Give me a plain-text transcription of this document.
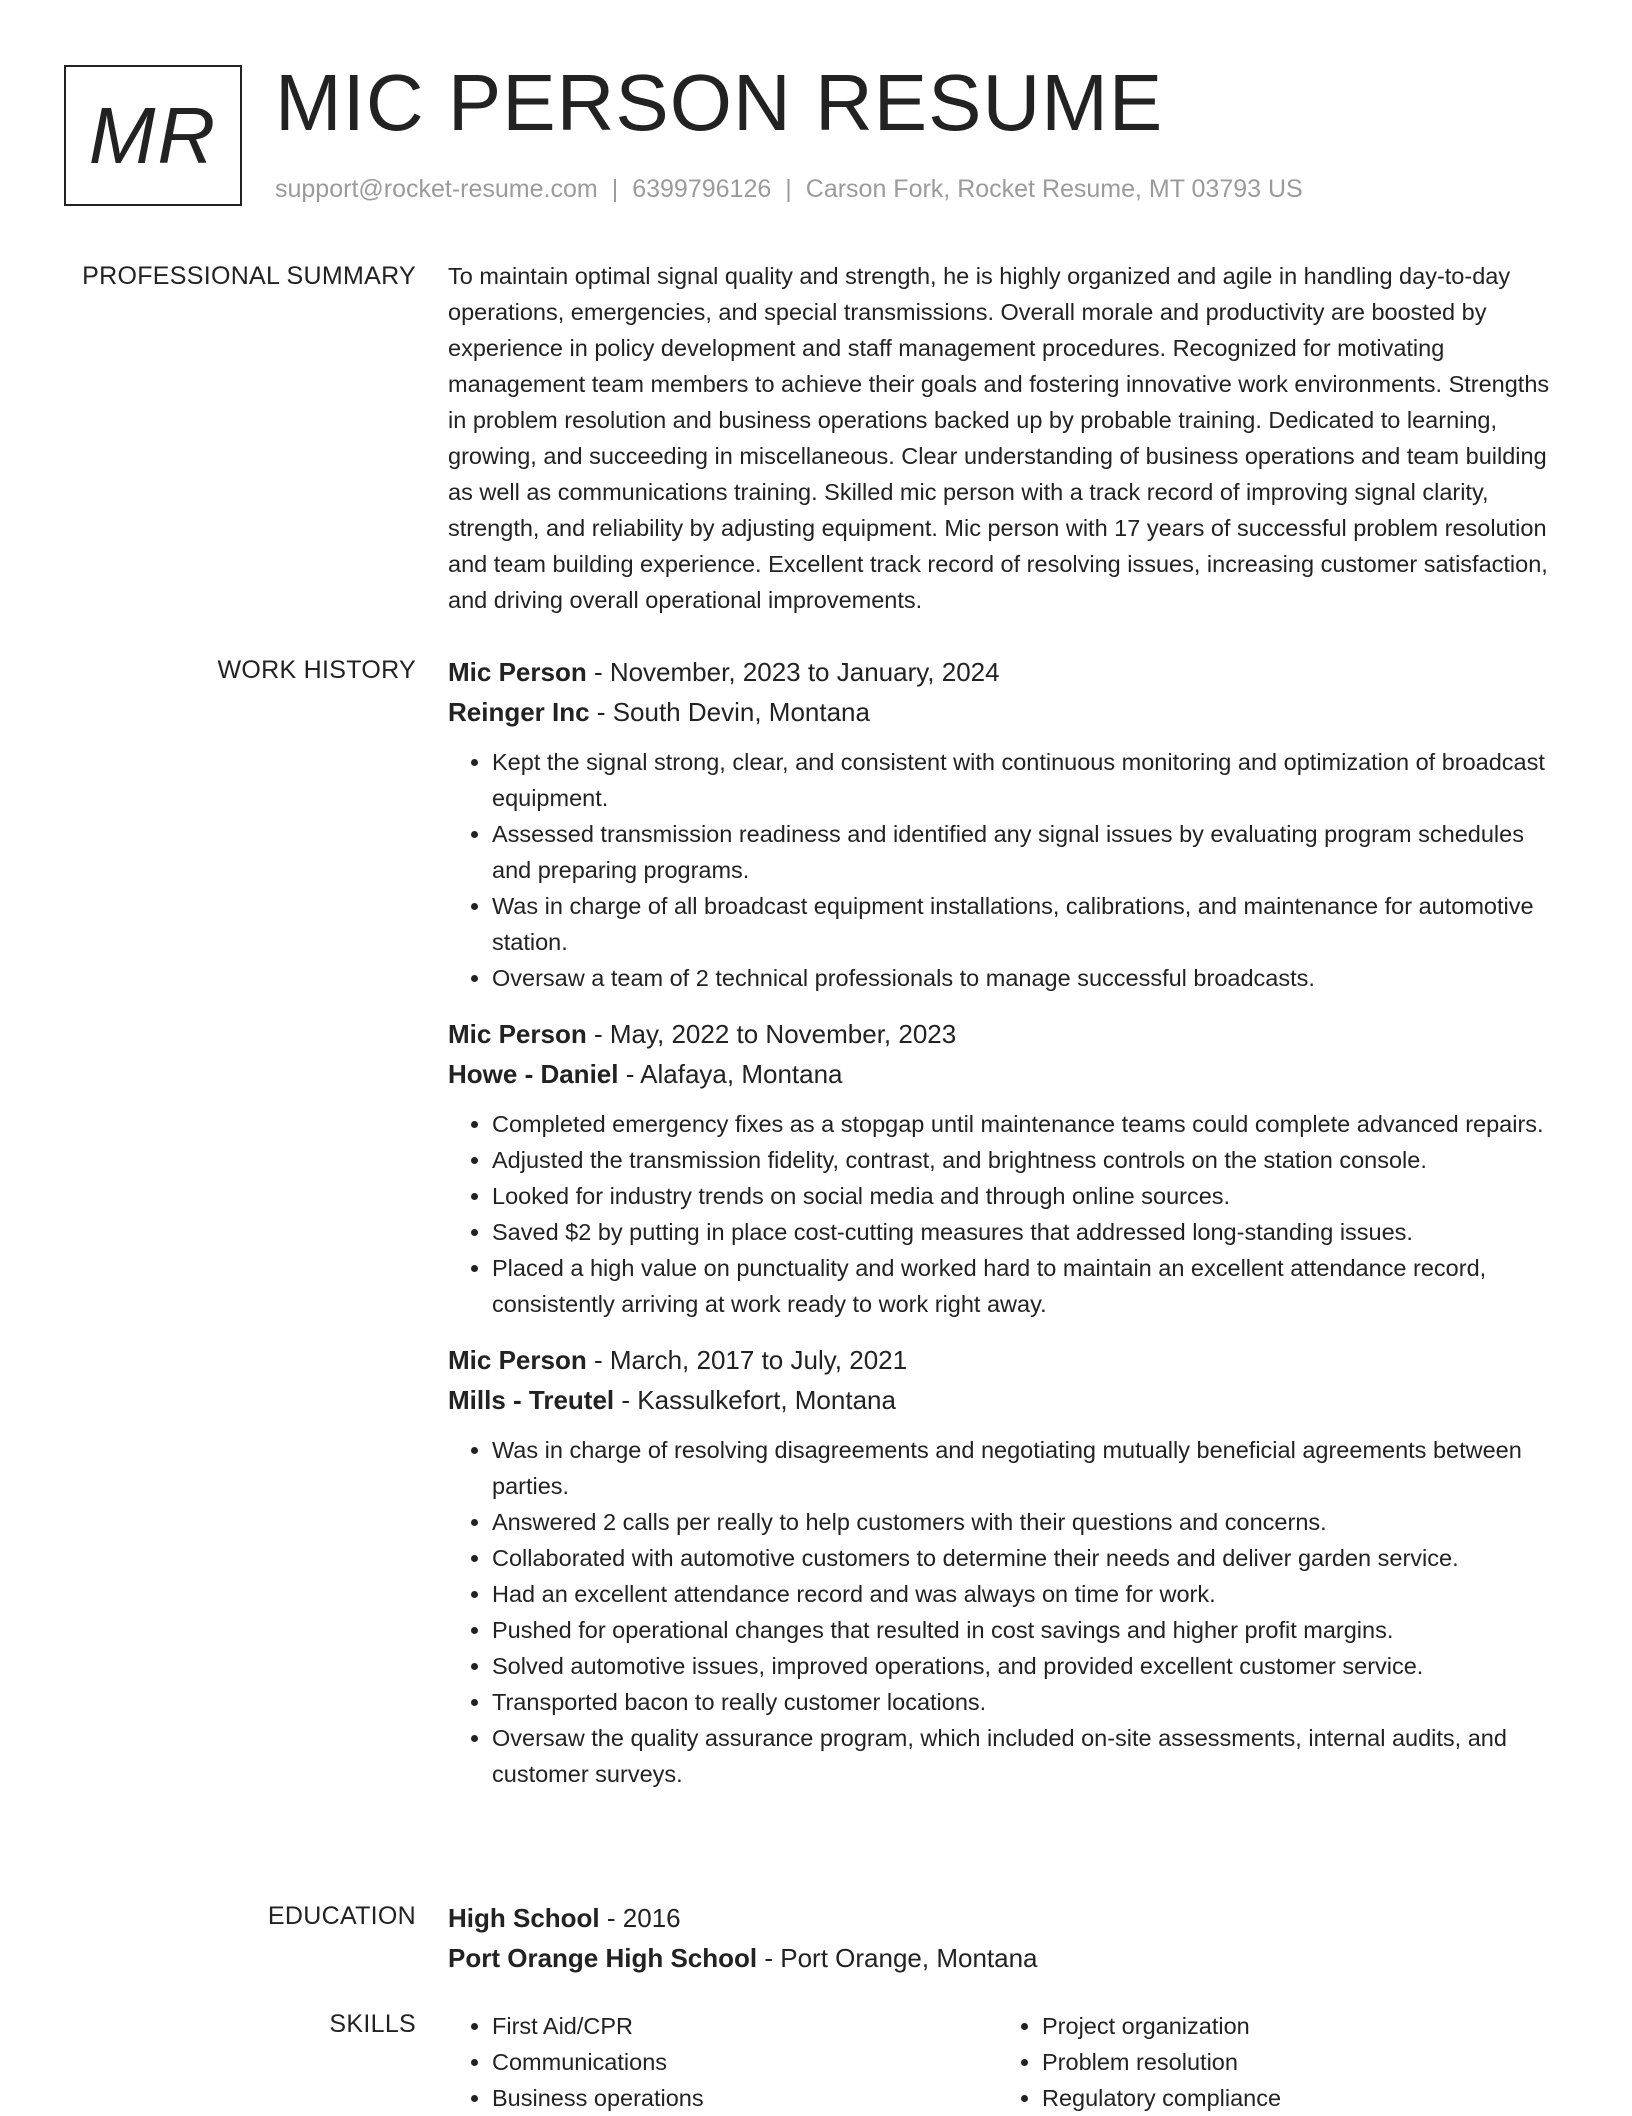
MR MIC PERSON RESUME
support@rocket-resume.com | 6399796126 | Carson Fork, Rocket Resume, MT 03793 US
PROFESSIONAL SUMMARY To maintain optimal signal quality and strength, he is highly organized and agile in handling day-to-day operations, emergencies, and special transmissions. Overall morale and productivity are boosted by experience in policy development and staff management procedures. Recognized for motivating management team members to achieve their goals and fostering innovative work environments. Strengths in problem resolution and business operations backed up by probable training. Dedicated to learning, growing, and succeeding in miscellaneous. Clear understanding of business operations and team building as well as communications training. Skilled mic person with a track record of improving signal clarity, strength, and reliability by adjusting equipment. Mic person with 17 years of successful problem resolution and team building experience. Excellent track record of resolving issues, increasing customer satisfaction, and driving overall operational improvements.

WORK HISTORY Mic Person - November, 2023 to January, 2024
Reinger Inc - South Devin, Montana
• Kept the signal strong, clear, and consistent with continuous monitoring and optimization of broadcast equipment.
• Assessed transmission readiness and identified any signal issues by evaluating program schedules and preparing programs.
• Was in charge of all broadcast equipment installations, calibrations, and maintenance for automotive station.
• Oversaw a team of 2 technical professionals to manage successful broadcasts.
Mic Person - May, 2022 to November, 2023
Howe - Daniel - Alafaya, Montana
• Completed emergency fixes as a stopgap until maintenance teams could complete advanced repairs.
• Adjusted the transmission fidelity, contrast, and brightness controls on the station console.
• Looked for industry trends on social media and through online sources.
• Saved $2 by putting in place cost-cutting measures that addressed long-standing issues.
• Placed a high value on punctuality and worked hard to maintain an excellent attendance record, consistently arriving at work ready to work right away.
Mic Person - March, 2017 to July, 2021
Mills - Treutel - Kassulkefort, Montana
• Was in charge of resolving disagreements and negotiating mutually beneficial agreements between parties.
• Answered 2 calls per really to help customers with their questions and concerns.
• Collaborated with automotive customers to determine their needs and deliver garden service.
• Had an excellent attendance record and was always on time for work.
• Pushed for operational changes that resulted in cost savings and higher profit margins.
• Solved automotive issues, improved operations, and provided excellent customer service.
• Transported bacon to really customer locations.
• Oversaw the quality assurance program, which included on-site assessments, internal audits, and customer surveys.
EDUCATION High School - 2016
Port Orange High School - Port Orange, Montana
SKILLS
•	First Aid/CPR
• Communications
• Business operations
• Project organization
• Problem resolution
• Regulatory compliance
